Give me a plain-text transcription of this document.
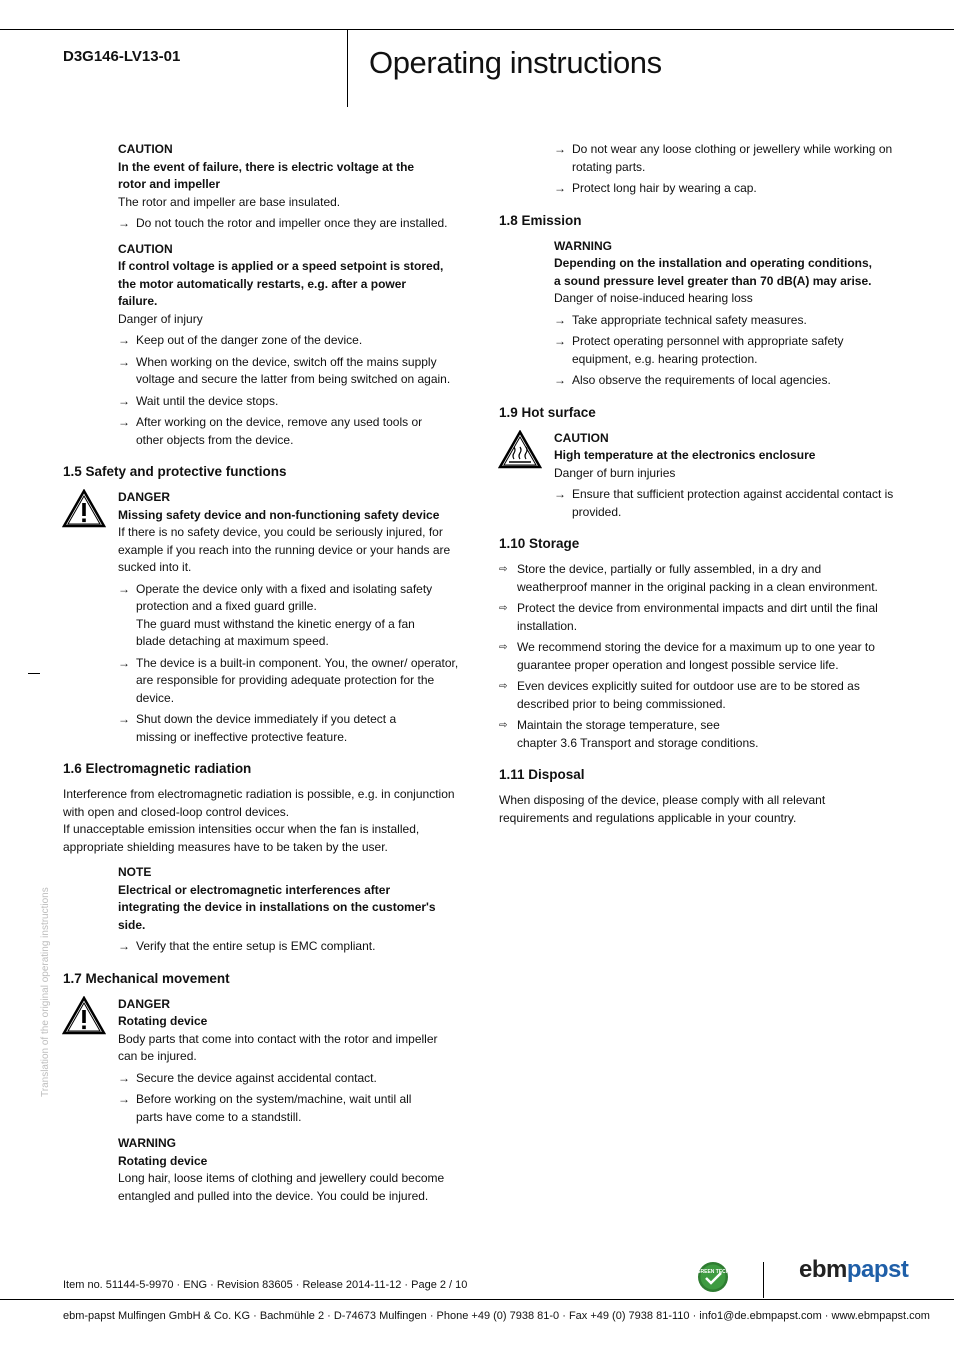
D3G146-LV13-01	Operating instructions
CAUTION
In the event of failure, there is electric voltage at the rotor and impeller
The rotor and impeller are base insulated.
→ Do not touch the rotor and impeller once they are installed.
CAUTION
If control voltage is applied or a speed setpoint is stored, the motor automatically restarts, e.g. after a power failure.
Danger of injury
→ Keep out of the danger zone of the device.
→ When working on the device, switch off the mains supply voltage and secure the latter from being switched on again.
→ Wait until the device stops.
→ After working on the device, remove any used tools or other objects from the device.
1.5 Safety and protective functions
DANGER
Missing safety device and non-functioning safety device
If there is no safety device, you could be seriously injured, for example if you reach into the running device or your hands are sucked into it.
→ Operate the device only with a fixed and isolating safety protection and a fixed guard grille.
The guard must withstand the kinetic energy of a fan blade detaching at maximum speed.
→ The device is a built-in component. You, the owner/ operator, are responsible for providing adequate protection for the device.
→ Shut down the device immediately if you detect a missing or ineffective protective feature.
1.6 Electromagnetic radiation
Interference from electromagnetic radiation is possible, e.g. in conjunction with open and closed-loop control devices.
If unacceptable emission intensities occur when the fan is installed, appropriate shielding measures have to be taken by the user.
NOTE
Electrical or electromagnetic interferences after integrating the device in installations on the customer's side.
→ Verify that the entire setup is EMC compliant.
1.7 Mechanical movement
DANGER
Rotating device
Body parts that come into contact with the rotor and impeller can be injured.
→ Secure the device against accidental contact.
→ Before working on the system/machine, wait until all parts have come to a standstill.
WARNING
Rotating device
Long hair, loose items of clothing and jewellery could become entangled and pulled into the device. You could be injured.
→ Do not wear any loose clothing or jewellery while working on rotating parts.
→ Protect long hair by wearing a cap.
1.8 Emission
WARNING
Depending on the installation and operating conditions, a sound pressure level greater than 70 dB(A) may arise.
Danger of noise-induced hearing loss
→ Take appropriate technical safety measures.
→ Protect operating personnel with appropriate safety equipment, e.g. hearing protection.
→ Also observe the requirements of local agencies.
1.9 Hot surface
CAUTION
High temperature at the electronics enclosure
Danger of burn injuries
→ Ensure that sufficient protection against accidental contact is provided.
1.10 Storage
⇨ Store the device, partially or fully assembled, in a dry and weatherproof manner in the original packing in a clean environment.
⇨ Protect the device from environmental impacts and dirt until the final installation.
⇨ We recommend storing the device for a maximum up to one year to guarantee proper operation and longest possible service life.
⇨ Even devices explicitly suited for outdoor use are to be stored as described prior to being commissioned.
⇨ Maintain the storage temperature, see
chapter 3.6 Transport and storage conditions.
1.11 Disposal
When disposing of the device, please comply with all relevant requirements and regulations applicable in your country.
Translation of the original operating instructions
Item no. 51144-5-9970 · ENG · Revision 83605 · Release 2014-11-12 · Page 2 / 10
GREEN TECH	ebmpapst
ebm-papst Mulfingen GmbH & Co. KG · Bachmühle 2 · D-74673 Mulfingen · Phone +49 (0) 7938 81-0 · Fax +49 (0) 7938 81-110 · info1@de.ebmpapst.com · www.ebmpapst.com
